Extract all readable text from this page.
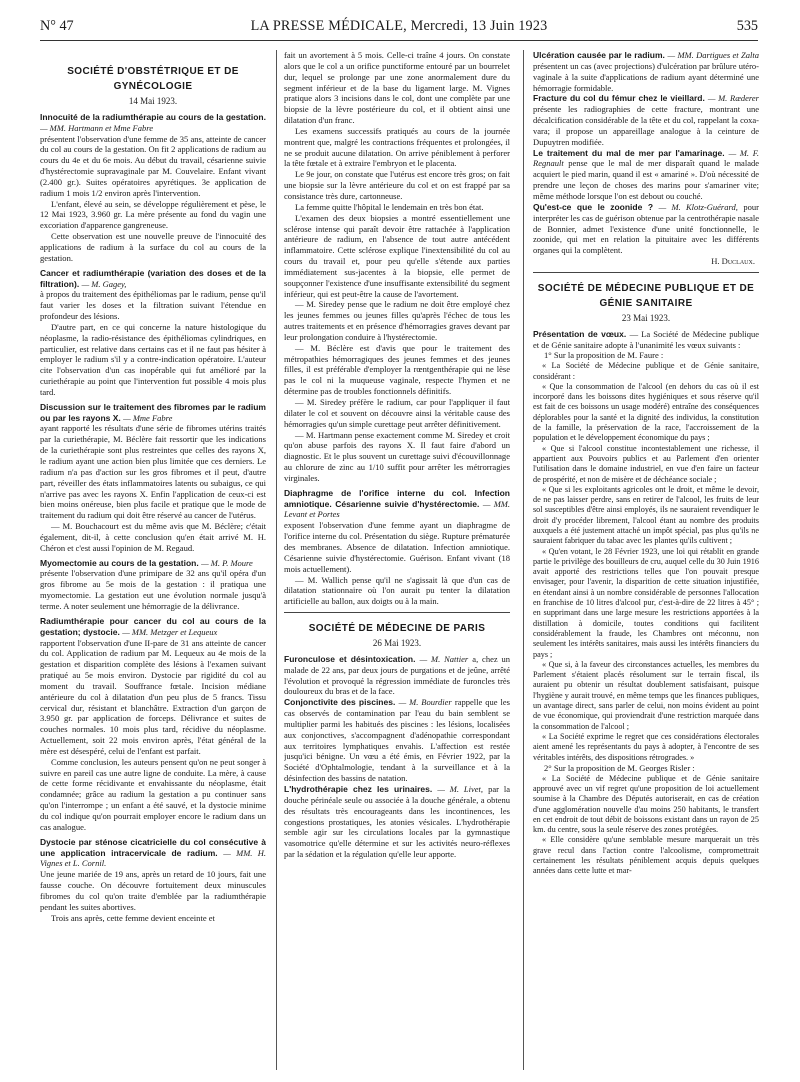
N° 47	LA PRESSE MÉDICALE, Mercredi, 13 Juin 1923	535
SOCIÉTÉ D'OBSTÉTRIQUE ET DE GYNÉCOLOGIE
14 Mai 1923.

Innocuité de la radiumthérapie au cours de la gestation. — MM. Hartmann et Mme Fabre

présentent l'observation d'une femme de 35 ans, atteinte de cancer du col au cours de la gestation. On fit 2 applications de radium au cours du 4e et du 6e mois. Au début du travail, césarienne suivie d'hystérectomie supravaginale par M. Couvelaire. Enfant vivant (2.400 gr.). Suites opératoires apyrétiques. 3e application de radium 1 mois 1/2 environ après l'intervention.

L'enfant, élevé au sein, se développe régulièrement et pèse, le 12 Mai 1923, 3.960 gr. La mère présente au fond du vagin une excoriation d'apparence gangreneuse.

Cette observation est une nouvelle preuve de l'innocuité des applications de radium à la surface du col au cours de la gestation.

Cancer et radiumthérapie (variation des doses et de la filtration). — M. Gagey,

à propos du traitement des épithéliomas par le radium, pense qu'il faut varier les doses et la filtration suivant l'étendue en profondeur des lésions.

D'autre part, en ce qui concerne la nature histologique du néoplasme, la radio-résistance des épithéliomas cylindriques, en particulier, est relative dans certains cas et il ne faut pas hésiter à employer le radium s'il y a contre-indication opératoire. L'auteur cite l'observation d'un cas inopérable qui fut amélioré par la curiethérapie au point que l'intervention fut possible 4 mois plus tard.

Discussion sur le traitement des fibromes par le radium ou par les rayons X. — Mme Fabre

ayant rapporté les résultats d'une série de fibromes utérins traités par la curiethérapie, M. Béclère fait ressortir que les indications de la curiethérapie sont plus restreintes que celles des rayons X, le radium ayant une action bien plus limitée que ces derniers. Le radium n'a pas d'action sur les gros fibromes et il peut, d'autre part, réveiller des états inflammatoires latents ou subaigus, ce qui n'arrive pas avec les rayons X. Enfin l'application de ceux-ci est bien moins onéreuse, bien plus facile et pratique que le mode de traitement du radium qui doit être réservé au cancer de l'utérus.

— M. Bouchacourt est du même avis que M. Béclère; c'était également, dit-il, à cette conclusion qu'en était arrivé M. H. Chéron et c'est aussi l'opinion de M. Regaud.

Myomectomie au cours de la gestation. — M. P. Moure

présente l'observation d'une primipare de 32 ans qu'il opéra d'un gros fibrome au 5e mois de la gestation : il pratiqua une myomectomie. La gestation eut une évolution normale jusqu'à terme. A noter seulement une hémorragie de la délivrance.

Radiumthérapie pour cancer du col au cours de la gestation; dystocie. — MM. Metzger et Lequeux

rapportent l'observation d'une II-pare de 31 ans atteinte de cancer du col. Application de radium par M. Lequeux au 4e mois de la gestation et disparition complète des lésions à l'examen suivant pratiqué au 5e mois environ. Dystocie par rigidité du col au moment du travail. Souffrance fœtale. Incision médiane antérieure du col à dilatation d'un peu plus de 5 francs. Tissu cervical dur, résistant et blanchâtre. Extraction d'un garçon de 3.950 gr. par application de forceps. Délivrance et suites de couches normales. 10 mois plus tard, récidive du néoplasme. Actuellement, soit 22 mois environ après, l'état général de la mère est désespéré, celui de l'enfant est parfait.

Comme conclusion, les auteurs pensent qu'on ne peut songer à suivre en pareil cas une autre ligne de conduite. La mère, à cause de cette forme récidivante et envahissante du néoplasme, était condamnée; grâce au radium la gestation a pu continuer sans qu'on l'interrompe ; un enfant a été sauvé, et la dystocie minime du col indique qu'on pourrait employer encore le radium dans un cas analogue.

Dystocie par sténose cicatricielle du col consécutive à une application intracervicale de radium. — MM. H. Vignes et L. Cornil.

Une jeune mariée de 19 ans, après un retard de 10 jours, fait une fausse couche. On découvre fortuitement deux minuscules fibromes du col qu'on traite d'emblée par la radiumthérapie pendant les suites abortives.

Trois ans après, cette femme devient enceinte et

fait un avortement à 5 mois. Celle-ci traîne 4 jours. On constate alors que le col a un orifice punctiforme entouré par un bourrelet dur, lequel se prolonge par une zone anormalement dure du segment inférieur et de la base du ligament large. M. Vignes pratique alors 3 incisions dans le col, dont une complète par une biopsie de la lèvre postérieure du col, et il obtient ainsi une dilatation d'un franc.

Les examens successifs pratiqués au cours de la journée montrent que, malgré les contractions fréquentes et prolongées, il ne se produit aucune dilatation. On arrive péniblement à perforer la tête fœtale et à extraire l'embryon et le placenta.

Le 9e jour, on constate que l'utérus est encore très gros; on fait une biopsie sur la lèvre antérieure du col et on est frappé par sa consistance très dure, cartonneuse.

La femme quitte l'hôpital le lendemain en très bon état.

L'examen des deux biopsies a montré essentiellement une sclérose intense qui paraît devoir être rattachée à l'application antérieure de radium, en l'absence de tout autre antécédent inflammatoire. Cette sclérose explique l'inextensibilité du col au cours du travail et, pour peu qu'elle s'étende aux parties immédiatement sus-jacentes à la biopsie, elle permet de soupçonner l'existence d'une insuffisante extensibilité du segment inférieur, qui est peut-être la cause de l'avortement.

— M. Siredey pense que le radium ne doit être employé chez les jeunes femmes ou jeunes filles qu'après l'échec de tous les autres traitements et en présence d'hémorragies graves devant par leur prolongation conduire à l'hystérectomie.

— M. Béclère est d'avis que pour le traitement des métropathies hémorragiques des jeunes femmes et des jeunes filles, il est préférable d'employer la rœntgenthérapie qui ne lèse pas le col ni la muqueuse vaginale, respecte l'hymen et ne détermine pas de troubles fonctionnels définitifs.

— M. Siredey préfère le radium, car pour l'appliquer il faut dilater le col et souvent on découvre ainsi la véritable cause des hémorragies qu'un simple curettage peut arrêter définitivement.

— M. Hartmann pense exactement comme M. Siredey et croit qu'on abuse parfois des rayons X. Il faut faire d'abord un diagnostic. Et le plus souvent un curettage suivi d'écouvillonnage au chlorure de zinc au 1/10 suffit pour arrêter les métrorragies virginales.

Diaphragme de l'orifice interne du col. Infection amniotique. Césarienne suivie d'hystérectomie. — MM. Levant et Portes

exposent l'observation d'une femme ayant un diaphragme de l'orifice interne du col. Présentation du siège. Rupture prématurée des membranes. Absence de dilatation. Infection amniotique. Césarienne suivie d'hystérectomie. Guérison. Enfant vivant (18 mois actuellement).

— M. Wallich pense qu'il ne s'agissait là que d'un cas de dilatation stationnaire où l'on aurait pu tenter la dilatation artificielle au ballon, aux doigts ou à la main.

SOCIÉTÉ DE MÉDECINE DE PARIS
26 Mai 1923.

Furonculose et désintoxication. — M. Nattier a, chez un malade de 22 ans, par deux jours de purgations et de jeûne, arrêté l'évolution et provoqué la régression immédiate de furoncles très douloureux du bras et de la face.

Conjonctivite des piscines. — M. Bourdier rappelle que les cas observés de contamination par l'eau du bain semblent se multiplier parmi les habitués des piscines : les lésions, localisées aux conjonctives, s'accompagnent d'adénopathie correspondant aux territoires lymphatiques envahis. L'affection est restée jusqu'ici bénigne. Un vœu a été émis, en Février 1922, par la Société d'Ophtalmologie, tendant à la surveillance et à la désinfection des bassins de natation.

L'hydrothérapie chez les urinaires. — M. Livet, par la douche périnéale seule ou associée à la douche générale, a obtenu des résultats très encourageants dans les incontinences, les congestions prostatiques, les atonies vésicales. L'hydrothérapie semble agir sur les circulations locales par la gymnastique vasomotrice qu'elle détermine et sur les activités neuro-réflexes par la sédation et la régulation qu'elle leur apporte.

Ulcération causée par le radium. — MM. Dartigues et Zalta présentent un cas (avec projections) d'ulcération par brûlure utéro-vaginale à la suite d'applications de radium ayant déterminé une hémorragie formidable.

Fracture du col du fémur chez le vieillard. — M. Ræderer présente les radiographies de cette fracture, montrant une décalcification considérable de la tête et du col, rappelant la coxa-vara; il propose un appareillage analogue à la ceinture de Dupuytren modifiée.

Le traitement du mal de mer par l'amarinage. — M. F. Regnault pense que le mal de mer disparaît quand le malade acquiert le pied marin, quand il est « amariné ». D'où nécessité de prendre une leçon de choses des marins pour s'amariner vite; même méthode lorsque l'on est debout ou couché.

Qu'est-ce que le zoonide ? — M. Klotz-Guérard, pour interpréter les cas de guérison obtenue par la centrothérapie nasale de Bonnier, admet l'existence d'une unité fonctionnelle, le zoonide, qui met en relation la pituitaire avec les différents organes qui la complètent.

H. Duclaux.

SOCIÉTÉ DE MÉDECINE PUBLIQUE ET DE GÉNIE SANITAIRE
23 Mai 1923.

Présentation de vœux. — La Société de Médecine publique et de Génie sanitaire adopte à l'unanimité les vœux suivants :

1° Sur la proposition de M. Faure :

« La Société de Médecine publique et de Génie sanitaire, considérant :

« Que la consommation de l'alcool (en dehors du cas où il est incorporé dans les boissons dites hygiéniques et sous réserve qu'il est fait de ces boissons un usage modéré) entraîne des conséquences déplorables pour la santé et la dignité des individus, la constitution de la famille, la préservation de la race, l'accroissement de la population et le développement économique du pays ;

« Que si l'alcool constitue incontestablement une richesse, il appartient aux Pouvoirs publics et au Parlement d'en orienter l'utilisation dans le domaine industriel, en vue d'en faire un facteur de prospérité, et non de misère et de déchéance sociale ;

« Que si les exploitants agricoles ont le droit, et même le devoir, de ne pas laisser perdre, sans en retirer de l'alcool, les fruits de leur sol susceptibles d'être ainsi employés, ils ne sauraient revendiquer le droit d'y procéder librement, l'alcool étant au nombre des produits auxquels a été justement attaché un impôt spécial, pas plus qu'ils ne sauraient fabriquer du tabac avec les plantes qu'ils cultivent ;

« Qu'en votant, le 28 Février 1923, une loi qui rétablit en grande partie le privilège des bouilleurs de cru, auquel celle du 30 Juin 1916 avait apporté des restrictions telles que l'on pouvait presque envisager, pour l'avenir, la disparition de cette situation injustifiée, en étendant ainsi à un nombre considérable de personnes l'allocation en franchise de 10 litres d'alcool pur, c'est-à-dire de 22 litres à 45° ; en supprimant dans une large mesure les restrictions apportées à la distillation à domicile, toutes conditions qui facilitent considérablement la fraude, les Chambres ont méconnu, non seulement les intérêts sanitaires, mais aussi les intérêts financiers du pays ;

« Que si, à la faveur des circonstances actuelles, les membres du Parlement s'étaient placés résolument sur le terrain fiscal, ils auraient pu obtenir un résultat doublement satisfaisant, puisque l'hygiène y aurait trouvé, en même temps que les finances publiques, un avantage direct, sans parler de celui, non moins évident au point de vue économique, qui proviendrait d'une restriction marquée dans la consommation de l'alcool ;

« La Société exprime le regret que ces considérations électorales aient amené les représentants du pays à adopter, à l'encontre de ses véritables intérêts, des dispositions rétrogrades. »

2° Sur la proposition de M. Georges Risler :

« La Société de Médecine publique et de Génie sanitaire approuvé avec un vif regret qu'une proposition de loi actuellement soumise à la Chambre des Députés autoriserait, en cas de création d'une agglomération nouvelle d'au moins 250 habitants, le transfert en cet endroit de tout débit de boissons existant dans un rayon de 25 km. du centre, sous la seule réserve des zones protégées.

« Elle considère qu'une semblable mesure marquerait un très grave recul dans l'action contre l'alcoolisme, compromettrait certainement les résultats péniblement acquis depuis quelques années dans cette lutte et mar-
